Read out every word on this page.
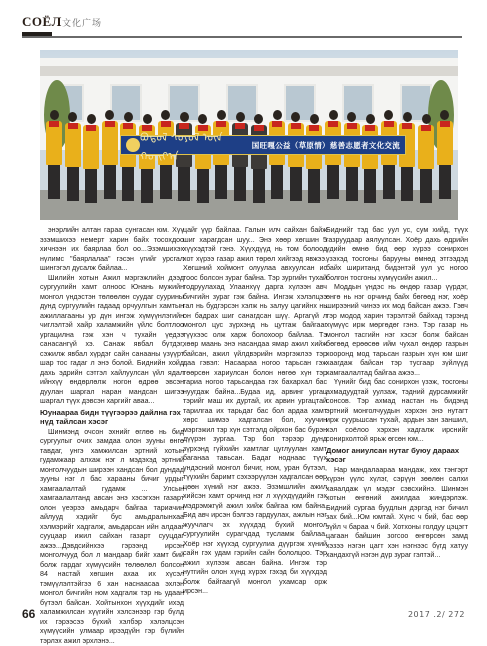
СОЁЛ 文化广场
ᠪᠣᠳᠣᠯ ᠰᠣᠶᠣᠯ ᠦᠨ ᠬᠤᠷᠢᠶ᠎ᠠ
国旺嘎公益（草原情）慈善志愿者文化交流

энэрлийн алтан гараа сунгасан юм. Хүү эзэмшихээ немерт харин байх тосохдоо хичнээн их баярлаа бол оо...Эзэмшихэх нүлимс "баярлалаа" гэсэн үгийг урсгал шингэгэл дусалж байлаа...

Шилийн хотын Ажил мэргэжлийн дээд сургуулийн хамт олноос Юнань мужийн монгол үндэстэн төлөөлөн суудаг суурины дунд сургуулийн гадаад орчуулгын хамтын ажиллагааны ур дүн ингэж хүмүүнлэгийн чиглэлтэй хайр халамжийн үйлс болтлоо ургацилна гэж хэн ч тухайн үедээ санасангүй хэ. Санаж явбал бүтдэг, сэжилж явбал хүрдэг сайн санааны үзүүрт шар тос гадаг л энэ болой. Биднийн хойд дахь эдрийн сэтгэл хайлуулсан үйл ядал ийнхүү өндөрлөлж ногон өдрөө эвсэн дуулан шаргал наран мандсан шигээ шаргал түүх дэвсэн харгийг аваа...

Юунаараа бидн түүгээрээ дайлна гэх нүд тайлсан хэсэг

Шинмэнд очсон эхнийг өглөө нь бид сургуулыг очих замдаа олон зууны өнгө тавдаг, унгэ хамжилсан эртний хотын гудамжаар алхаж нэг л мэдэхэд эртний монголчуудын ширээн хандсан бол дундад зууны нэг л бас харааны бичиг урдыг хамгаалалтай гудамж ... Улсын хамгаалалтанд авсан энэ хэсэгхэн газарт олон үеэрээ амьдарч байгаа тариачин айлууд хэдийг бус амьдралынхаа хэлмэрийг хадгалж, амьдарсан ийн алдааг сууцаар ижил сайхан газарт сууцдаг ажээ...Дэвдсийнхээ гэрээнд ирсэн монголчууд бол л мандаар бийг хамт бий болж гардаг хүмүүсийн төлөөлөл болсон 84 настай хөгшин ахаа их хүсэл тэмүүлэлтэйгээ 6 хан наснаасаа эхлэн монгол бичгийн ном хадгалж тэр нь удаан бүтээл байсан. Хойтынхон хүүхдийг ихэд халамжилсан хүүгийн хэлсэнээр гэр бүлд их гэрээсээ бүхий хэлбэр хэлэлцсэн хүмүүсийн улмаар ирээдүйн гэр бүлийн тэрлэх ажил эрхлэнэ...

цайг үүр байлаа. Галын илч сайхан байж шиг харагдсан шуу... Энэ хөөр хөгшин 5 хүүхэдтэй гэнэ. Хүүхдүүд нь том болоод хот хүрээ газар ажил төрөл хийгээд явжээ. Хөгшний хоймонт олуулаа авхуулсан ис тоос болсон зураг байна. Тэр зургийн тухай тодруулахад Улаанхүү дарга хүлээн авч бичгийн зураг гэж байна. Ингэж хэлэлцээ гал нь будгэрсэн хэлж нь залуу цагийнх нь он бадрах шиг санагдсан шүү. Аргагүй л монгол цус зүрхэнд нь цутгаж байгааг түүхээс олж харж болохоор байлаа. Тэ хөөр маань энэ насандаа ямар ажил хийж байсан, ажил үйлдвэрийн мэргэжлээ тэр даа гэвэл: Насаараа ногоо тарьсан гэж төөрсөн хариулсан болон нөгөө хүн тэр тариа ногоо тарьсандаа гэх бахархал бас нуугдаж байна...Будаа ид, арвинг ургац тэрийг маш их дуртай, их арвин ургацтай тарилгаа их тарьдаг бас бол ардаа хамт хөрс шимээ хадгалсан бол, хуучин мэргэжил тэр хүн сэтгэлд ойрхон бас бүрэн дүүрэн зургаа. Тэр бол тэрээр дунд зүрхэнд гүйхийн хамтлаг цуглуулан хамт баганаа тавьсан. Бадаг ноднаас түүх үндэсний монгол бичиг, ном, уран бүтээл, түүхийн баримт сэхээрүүлэн хадгалсан өөр цөөн хүний нэг ажээ. Эзэмшлийн ажил хийсэн хамт орчинд нэг л хүүхдүүдийн гэх мэдрэмжгүй ажил хийж байгаа юм байна. Бид авч ирсэн бэлгээ гардуулах, ажлын нэг жуучлагч эх хүүхдэд бүхий монгол сургуулийн сурагчдад тусламж байлаа. Хоёр нэг хүүхэд сургуулиа дүүргэж хүний сайн гэх удам гэрийн сайн бололцоо. Тэр ажил хүлээж авсан байна. Ингэж тэр нутгийн олон хүнд хүрэх гэхэд би хүүхдэд болж байгаагүй монгол ухамсар орж ирсэн...

Биднийг тэд бас уул ус, сум хийд, түүх газруудаар аялуулсан. Хоёр дахь өдрийн үдийн өмнө бид өөр хүрээ сонирхон үзэхэд тосгоны барууны өмнөд этгээдэд байх шиританд бидэнтэй уул ус ногоо болгон тосгоны хүмүүсийн ажил...

Моддын үндэс нь өндөр газар үүрдэг, өнгө нь нэг орчинд байх бөгөөд нэг, хоёр ширээний чинээ их мод байсан ажээ. Гэвч тэр модод харин тэрэлтэй байхад тэрэнд хүмүүс ирж мөргөдөг гэнэ. Тэр газар нь монгол тасгийн нэг хэсэг болж байсан бөгөөд ерөөсөө ийм чухал өндөр газрын хооронд мод тарьсан газрын хүн юм шиг хаагдаж байсан тэр тусгаар зүйлүүд хамгаалалтад байгаа ажээ...

Үүнийг бид бас сонирхон үзэж, тосгоны ахмадуудтай уулзаж, тэдний дурсамжийг сонсов. Тэр ахмад настан нь бидэнд эртний монголчуудын хэрхэн энэ нутагт ирж суурьшсан тухай, ардын зан заншил, хэл соёлоо хэрхэн хадгалж ирснийг сонирхолтой ярьж өгсөн юм...

Домог аниулсан нутаг буюу дараах хэсэг

Нар мандалаараа мандаж, хөх тэнгэрт хүрэн үүлс хүлэг, сэрүүн зөөлөн салхи хаяалдаж үл мэдэг сэвсхийнэ. Шинмэн хотын өнгөний ажилдаа жиндэрлэж. Бидний сургаа буудлын дэргэд нэг бичил зах бий...Юм юмтай. Хүнс ч бий, бас өөр зүйл ч бараа ч бий. Хотхоны голдуу цэцэгт цагаан байшин зогсоо өнгөрсөн замд хэзээ нэгэн цагт хэн нэгнээс бүгд хатуу хандахгүй нэгэн дүр зураг гэлтэй...

66	2017 .2/ 272
